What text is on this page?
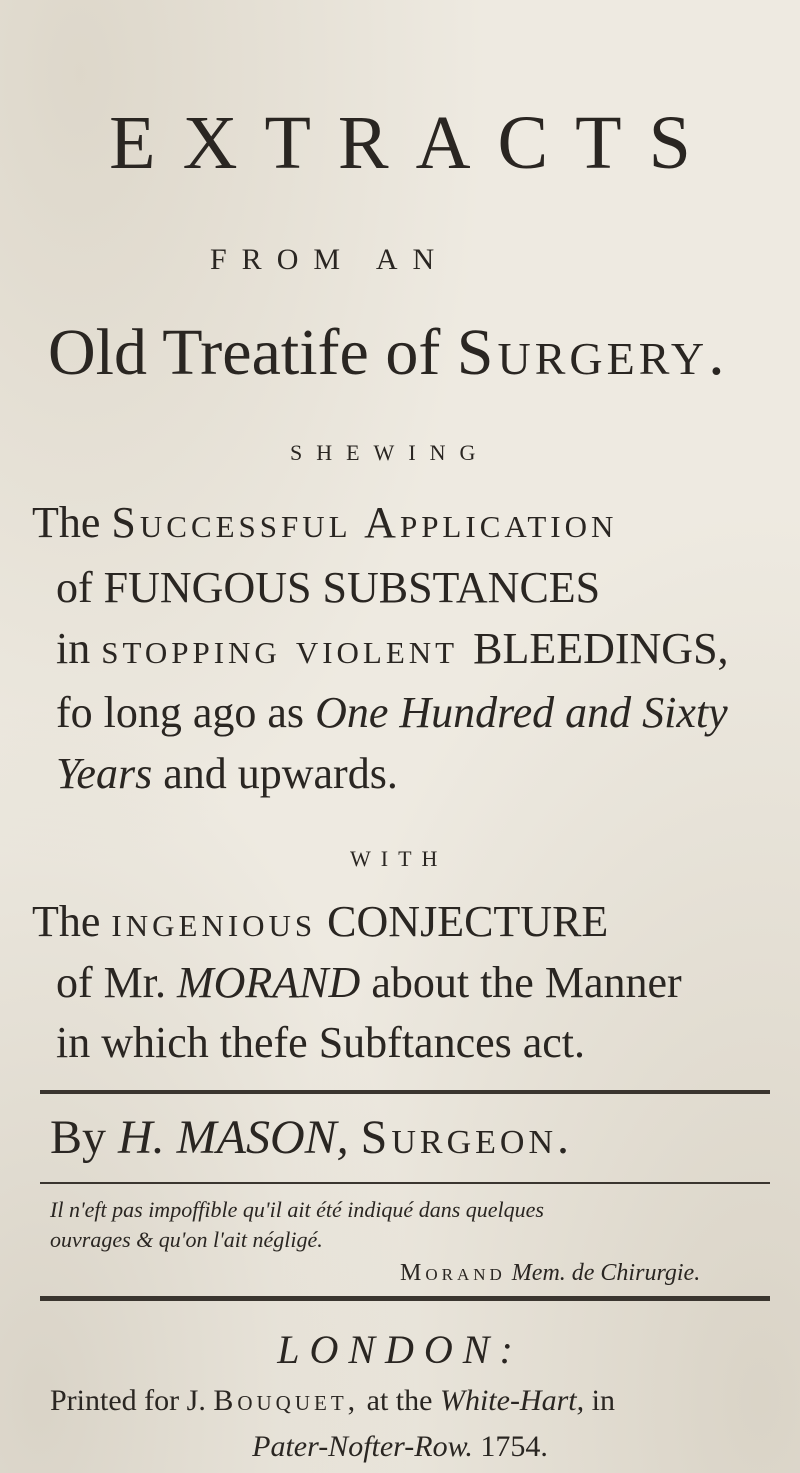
EXTRACTS
FROM AN
Old Treatife of Surgery.
SHEWING
The Successful Application
of FUNGOUS SUBSTANCES
in stopping violent BLEEDINGS,
fo long ago as One Hundred and Sixty
Years and upwards.
WITH
The ingenious CONJECTURE
of Mr. MORAND about the Manner
in which thefe Subftances act.
By H. MASON, Surgeon.
Il n'eft pas impoffible qu'il ait été indiqué dans quelques
ouvrages & qu'on l'ait négligé.
Morand Mem. de Chirurgie.
LONDON:
Printed for J. Bouquet, at the White-Hart, in
Pater-Nofter-Row. 1754.
